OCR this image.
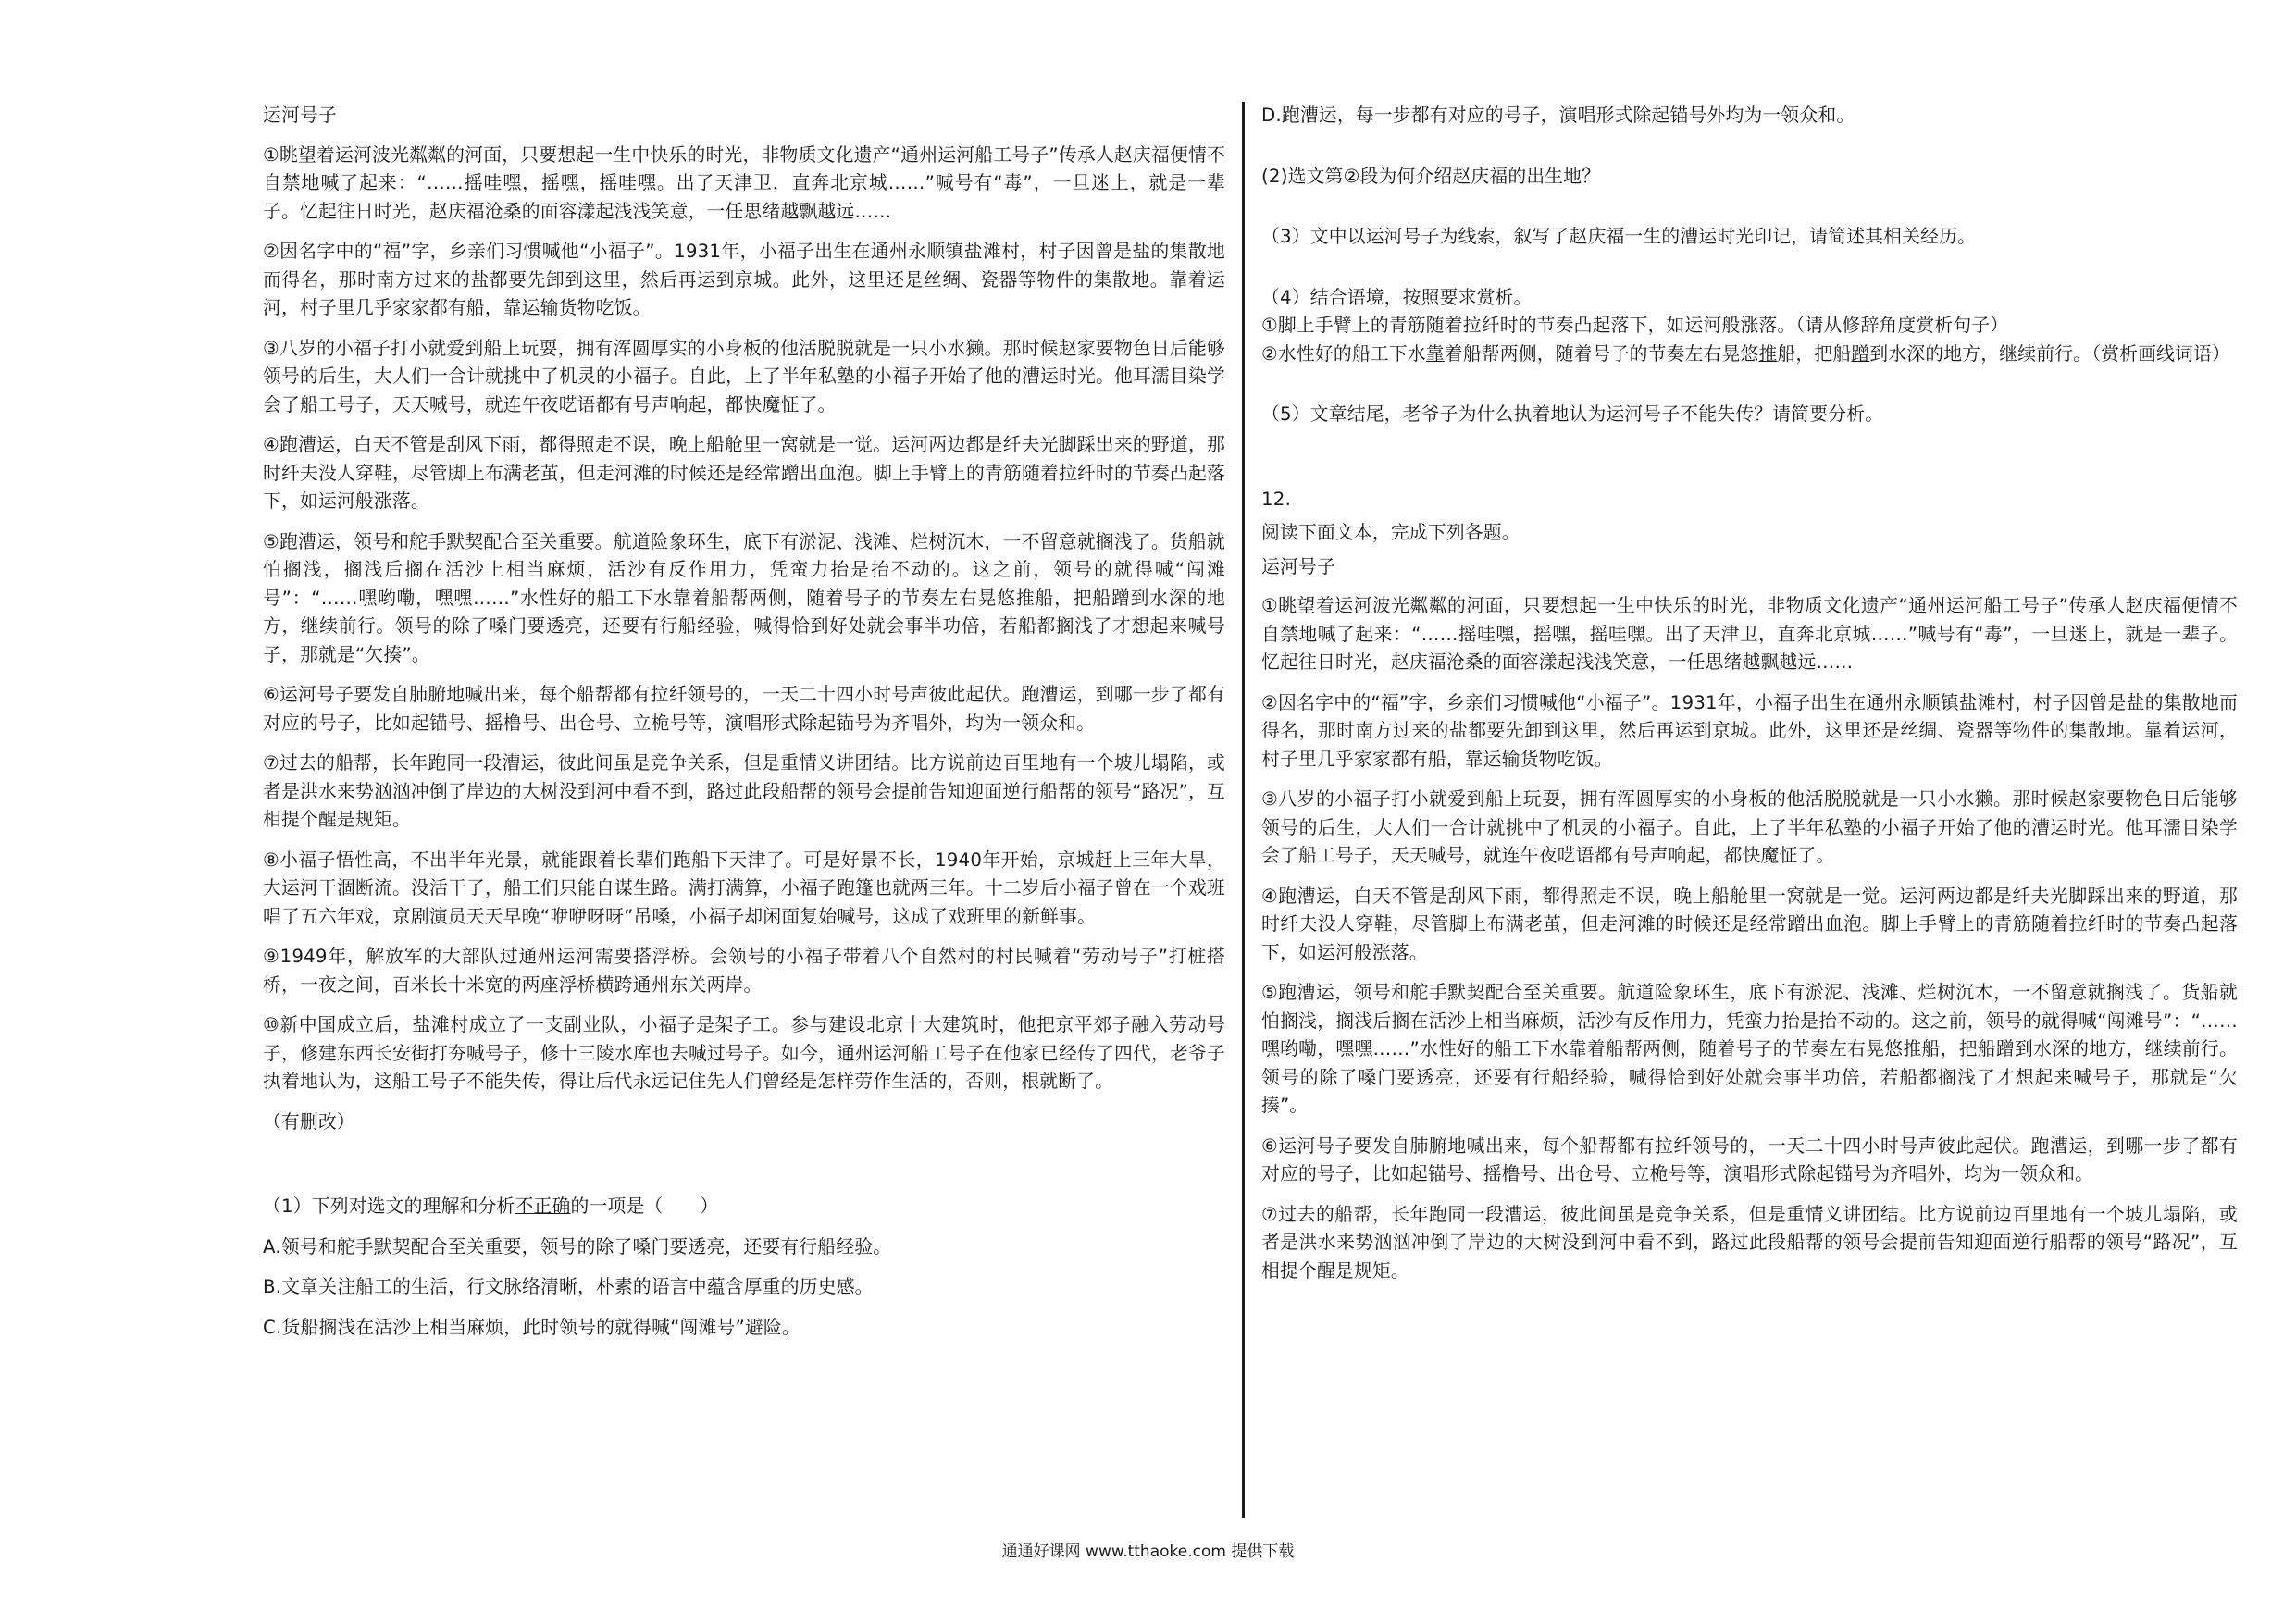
运河号子

①眺望着运河波光粼粼的河面，只要想起一生中快乐的时光，非物质文化遗产“通州运河船工号子”传承人赵庆福便情不自禁地喊了起来：“……摇哇嘿，摇嘿，摇哇嘿。出了天津卫，直奔北京城……”喊号有“毒”，一旦迷上，就是一辈子。忆起往日时光，赵庆福沧桑的面容漾起浅浅笑意，一任思绪越飘越远……

②因名字中的“福”字，乡亲们习惯喊他“小福子”。1931年，小福子出生在通州永顺镇盐滩村，村子因曾是盐的集散地而得名，那时南方过来的盐都要先卸到这里，然后再运到京城。此外，这里还是丝绸、瓷器等物件的集散地。靠着运河，村子里几乎家家都有船，靠运输货物吃饭。

③八岁的小福子打小就爱到船上玩耍，拥有浑圆厚实的小身板的他活脱脱就是一只小水獭。那时候赵家要物色日后能够领号的后生，大人们一合计就挑中了机灵的小福子。自此，上了半年私塾的小福子开始了他的漕运时光。他耳濡目染学会了船工号子，天天喊号，就连午夜呓语都有号声响起，都快魔怔了。

④跑漕运，白天不管是刮风下雨，都得照走不误，晚上船舱里一窝就是一觉。运河两边都是纤夫光脚踩出来的野道，那时纤夫没人穿鞋，尽管脚上布满老茧，但走河滩的时候还是经常蹭出血泡。脚上手臂上的青筋随着拉纤时的节奏凸起落下，如运河般涨落。

⑤跑漕运，领号和舵手默契配合至关重要。航道险象环生，底下有淤泥、浅滩、烂树沉木，一不留意就搁浅了。货船就怕搁浅，搁浅后搁在活沙上相当麻烦，活沙有反作用力，凭蛮力抬是抬不动的。这之前，领号的就得喊“闯滩号”：“……嘿哟嘞，嘿嘿……”水性好的船工下水靠着船帮两侧，随着号子的节奏左右晃悠推船，把船蹭到水深的地方，继续前行。领号的除了嗓门要透亮，还要有行船经验，喊得恰到好处就会事半功倍，若船都搁浅了才想起来喊号子，那就是“欠揍”。

⑥运河号子要发自肺腑地喊出来，每个船帮都有拉纤领号的，一天二十四小时号声彼此起伏。跑漕运，到哪一步了都有对应的号子，比如起锚号、摇橹号、出仓号、立桅号等，演唱形式除起锚号为齐唱外，均为一领众和。

⑦过去的船帮，长年跑同一段漕运，彼此间虽是竞争关系，但是重情义讲团结。比方说前边百里地有一个坡儿塌陷，或者是洪水来势汹汹冲倒了岸边的大树没到河中看不到，路过此段船帮的领号会提前告知迎面逆行船帮的领号“路况”，互相提个醒是规矩。

⑧小福子悟性高，不出半年光景，就能跟着长辈们跑船下天津了。可是好景不长，1940年开始，京城赶上三年大旱，大运河干涸断流。没活干了，船工们只能自谋生路。满打满算，小福子跑篷也就两三年。十二岁后小福子曾在一个戏班唱了五六年戏，京剧演员天天早晚“咿咿呀呀”吊嗓，小福子却闲面复始喊号，这成了戏班里的新鲜事。

⑨1949年，解放军的大部队过通州运河需要搭浮桥。会领号的小福子带着八个自然村的村民喊着“劳动号子”打桩搭桥，一夜之间，百米长十米宽的两座浮桥横跨通州东关两岸。

⑩新中国成立后，盐滩村成立了一支副业队，小福子是架子工。参与建设北京十大建筑时，他把京平郊子融入劳动号子，修建东西长安街打夯喊号子，修十三陵水库也去喊过号子。如今，通州运河船工号子在他家已经传了四代，老爷子执着地认为，这船工号子不能失传，得让后代永远记住先人们曾经是怎样劳作生活的，否则，根就断了。

（有删改）

（1）下列对选文的理解和分析不正确的一项是（　　）

A.领号和舵手默契配合至关重要，领号的除了嗓门要透亮，还要有行船经验。

B.文章关注船工的生活，行文脉络清晰，朴素的语言中蕴含厚重的历史感。

C.货船搁浅在活沙上相当麻烦，此时领号的就得喊“闯滩号”避险。

D.跑漕运，每一步都有对应的号子，演唱形式除起锚号外均为一领众和。

(2)选文第②段为何介绍赵庆福的出生地？

（3）文中以运河号子为线索，叙写了赵庆福一生的漕运时光印记，请简述其相关经历。

（4）结合语境，按照要求赏析。

①脚上手臂上的青筋随着拉纤时的节奏凸起落下，如运河般涨落。（请从修辞角度赏析句子）

②水性好的船工下水靠着船帮两侧，随着号子的节奏左右晃悠推船，把船蹭到水深的地方，继续前行。（赏析画线词语）

（5）文章结尾，老爷子为什么执着地认为运河号子不能失传？请简要分析。

12.

阅读下面文本，完成下列各题。

运河号子

①眺望着运河波光粼粼的河面，只要想起一生中快乐的时光，非物质文化遗产“通州运河船工号子”传承人赵庆福便情不自禁地喊了起来：“……摇哇嘿，摇嘿，摇哇嘿。出了天津卫，直奔北京城……”喊号有“毒”，一旦迷上，就是一辈子。忆起往日时光，赵庆福沧桑的面容漾起浅浅笑意，一任思绪越飘越远……

②因名字中的“福”字，乡亲们习惯喊他“小福子”。1931年，小福子出生在通州永顺镇盐滩村，村子因曾是盐的集散地而得名，那时南方过来的盐都要先卸到这里，然后再运到京城。此外，这里还是丝绸、瓷器等物件的集散地。靠着运河，村子里几乎家家都有船，靠运输货物吃饭。

③八岁的小福子打小就爱到船上玩耍，拥有浑圆厚实的小身板的他活脱脱就是一只小水獭。那时候赵家要物色日后能够领号的后生，大人们一合计就挑中了机灵的小福子。自此，上了半年私塾的小福子开始了他的漕运时光。他耳濡目染学会了船工号子，天天喊号，就连午夜呓语都有号声响起，都快魔怔了。

④跑漕运，白天不管是刮风下雨，都得照走不误，晚上船舱里一窝就是一觉。运河两边都是纤夫光脚踩出来的野道，那时纤夫没人穿鞋，尽管脚上布满老茧，但走河滩的时候还是经常蹭出血泡。脚上手臂上的青筋随着拉纤时的节奏凸起落下，如运河般涨落。

⑤跑漕运，领号和舵手默契配合至关重要。航道险象环生，底下有淤泥、浅滩、烂树沉木，一不留意就搁浅了。货船就怕搁浅，搁浅后搁在活沙上相当麻烦，活沙有反作用力，凭蛮力抬是抬不动的。这之前，领号的就得喊“闯滩号”：“……嘿哟嘞，嘿嘿……”水性好的船工下水靠着船帮两侧，随着号子的节奏左右晃悠推船，把船蹭到水深的地方，继续前行。领号的除了嗓门要透亮，还要有行船经验，喊得恰到好处就会事半功倍，若船都搁浅了才想起来喊号子，那就是“欠揍”。

⑥运河号子要发自肺腑地喊出来，每个船帮都有拉纤领号的，一天二十四小时号声彼此起伏。跑漕运，到哪一步了都有对应的号子，比如起锚号、摇橹号、出仓号、立桅号等，演唱形式除起锚号为齐唱外，均为一领众和。

⑦过去的船帮，长年跑同一段漕运，彼此间虽是竞争关系，但是重情义讲团结。比方说前边百里地有一个坡儿塌陷，或者是洪水来势汹汹冲倒了岸边的大树没到河中看不到，路过此段船帮的领号会提前告知迎面逆行船帮的领号“路况”，互相提个醒是规矩。

通通好课网 www.tthaoke.com 提供下载
